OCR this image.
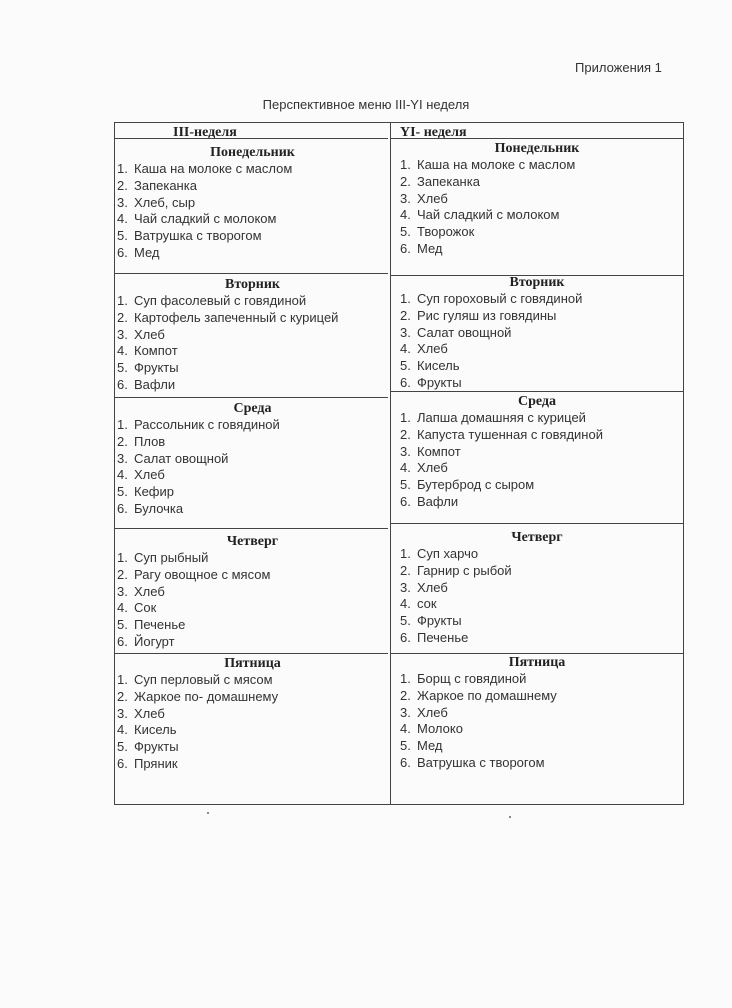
Приложения 1
Перспективное меню III-YI неделя
III-неделя	YI- неделя
Понедельник
1. Каша на молоке с маслом
2. Запеканка
3. Хлеб, сыр
4. Чай сладкий с молоком
5. Ватрушка с творогом
6. Мед
Вторник
1. Суп фасолевый с говядиной
2. Картофель запеченный с курицей
3. Хлеб
4. Компот
5. Фрукты
6. Вафли
Среда
1. Рассольник с говядиной
2. Плов
3. Салат овощной
4. Хлеб
5. Кефир
6. Булочка
Четверг
1. Суп рыбный
2. Рагу овощное с мясом
3. Хлеб
4. Сок
5. Печенье
6. Йогурт
Пятница
1. Суп перловый с мясом
2. Жаркое по- домашнему
3. Хлеб
4. Кисель
5. Фрукты
6. Пряник
Понедельник
1. Каша на молоке с маслом
2. Запеканка
3. Хлеб
4. Чай сладкий с молоком
5. Творожок
6. Мед
Вторник
1. Суп гороховый с говядиной
2. Рис гуляш из говядины
3. Салат овощной
4. Хлеб
5. Кисель
6. Фрукты
Среда
1. Лапша домашняя с курицей
2. Капуста тушенная с говядиной
3. Компот
4. Хлеб
5. Бутерброд с сыром
6. Вафли
Четверг
1. Суп харчо
2. Гарнир с рыбой
3. Хлеб
4. сок
5. Фрукты
6. Печенье
Пятница
1. Борщ с говядиной
2. Жаркое по домашнему
3. Хлеб
4. Молоко
5. Мед
6. Ватрушка с творогом
